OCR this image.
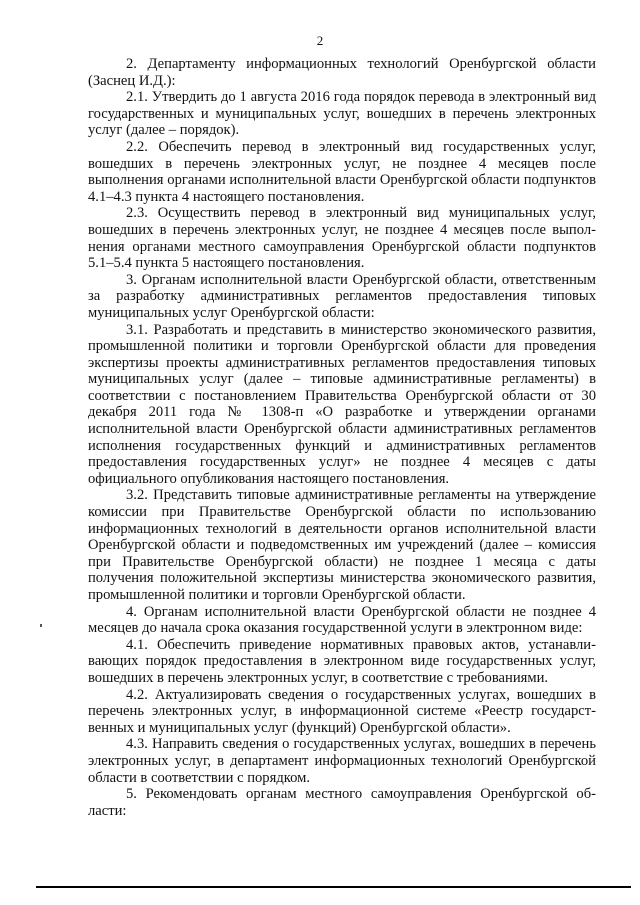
2

2. Департаменту информационных технологий Оренбургской области (Заснец И.Д.):

2.1. Утвердить до 1 августа 2016 года порядок перевода в электронный вид государственных и муниципальных услуг, вошедших в перечень электронных услуг (далее – порядок).

2.2. Обеспечить перевод в электронный вид государственных услуг, вошедших в перечень электронных услуг, не позднее 4 месяцев после выполнения органами исполнительной власти Оренбургской области подпунктов 4.1–4.3 пункта 4 настоящего постановления.

2.3. Осуществить перевод в электронный вид муниципальных услуг, вошедших в перечень электронных услуг, не позднее 4 месяцев после выполнения органами местного самоуправления Оренбургской области подпунктов 5.1–5.4 пункта 5 настоящего постановления.

3. Органам исполнительной власти Оренбургской области, ответственным за разработку административных регламентов предоставления типовых муниципальных услуг Оренбургской области:

3.1. Разработать и представить в министерство экономического развития, промышленной политики и торговли Оренбургской области для проведения экспертизы проекты административных регламентов предоставления типовых муниципальных услуг (далее – типовые административные регламенты) в соответствии с постановлением Правительства Оренбургской области от 30 декабря 2011 года № 1308-п «О разработке и утверждении органами исполнительной власти Оренбургской области административных регламентов исполнения государственных функций и административных регламентов предоставления государственных услуг» не позднее 4 месяцев с даты официального опубликования настоящего постановления.

3.2. Представить типовые административные регламенты на утверждение комиссии при Правительстве Оренбургской области по использованию информационных технологий в деятельности органов исполнительной власти Оренбургской области и подведомственных им учреждений (далее – комиссия при Правительстве Оренбургской области) не позднее 1 месяца с даты получения положительной экспертизы министерства экономического развития, промышленной политики и торговли Оренбургской области.

4. Органам исполнительной власти Оренбургской области не позднее 4 месяцев до начала срока оказания государственной услуги в электронном виде:

4.1. Обеспечить приведение нормативных правовых актов, устанавливающих порядок предоставления в электронном виде государственных услуг, вошедших в перечень электронных услуг, в соответствие с требованиями.

4.2. Актуализировать сведения о государственных услугах, вошедших в перечень электронных услуг, в информационной системе «Реестр государственных и муниципальных услуг (функций) Оренбургской области».

4.3. Направить сведения о государственных услугах, вошедших в перечень электронных услуг, в департамент информационных технологий Оренбургской области в соответствии с порядком.

5. Рекомендовать органам местного самоуправления Оренбургской области:
